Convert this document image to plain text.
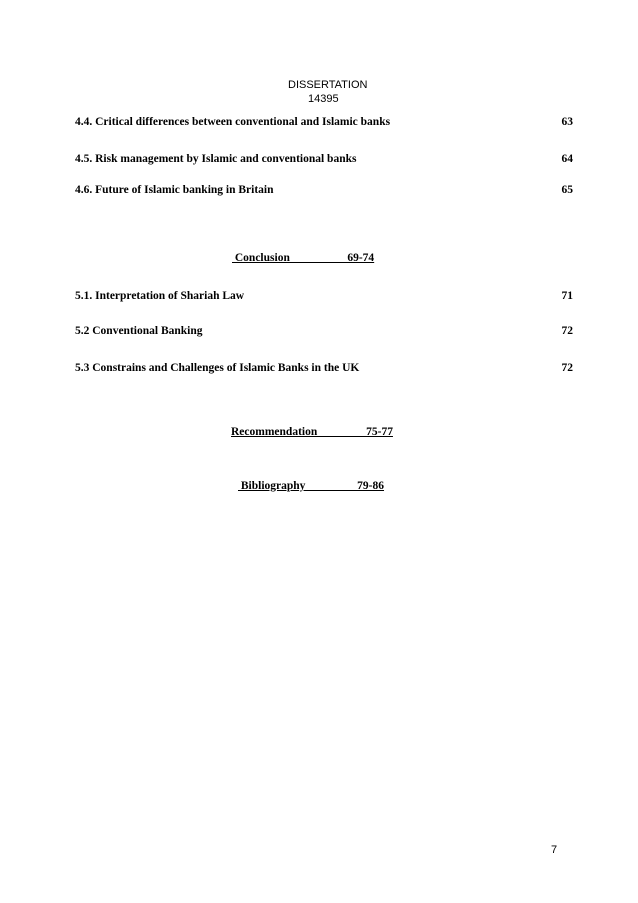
DISSERTATION
14395
4.4. Critical differences between conventional and Islamic banks	63
4.5. Risk management by Islamic and conventional banks	64
4.6. Future of Islamic banking in Britain	65
Conclusion                    69-74
5.1. Interpretation of Shariah Law	71
5.2 Conventional Banking	72
5.3 Constrains and Challenges of Islamic Banks in the UK	72
Recommendation                 75-77
Bibliography                  79-86
7
